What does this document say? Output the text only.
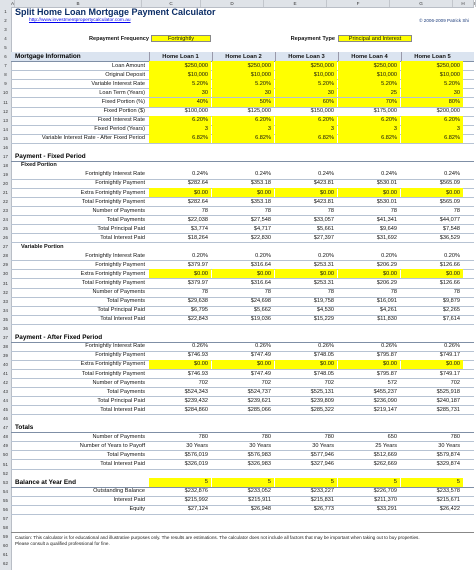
A	B	C	D	E	F	G	H	I
1
2
3
4
5
6
7
8
9
10
11
12
13
14
15
16
17
18
19
20
21
22
23
24
25
26
27
28
29
30
31
32
33
34
35
36
37
38
39
40
41
42
43
44
45
46
47
48
49
50
51
52
53
54
55
56
57
58
59
60
61
62
Split Home Loan Mortgage Payment Calculator
http://www.investmentpropertycalculator.com.au	© 2006-2009 Patrick Shi
Repayment Frequency	Fortnightly	Repayment Type	Principal and Interest
Mortgage Information	Home Loan 1	Home Loan 2	Home Loan 3	Home Loan 4	Home Loan 5
Loan Amount	$250,000	$250,000	$250,000	$250,000	$250,000
Original Deposit	$10,000	$10,000	$10,000	$10,000	$10,000
Variable Interest Rate	5.20%	5.20%	5.20%	5.20%	5.20%
Loan Term (Years)	30	30	30	25	30
Fixed Portion (%)	40%	50%	60%	70%	80%
Fixed Portion ($)	$100,000	$125,000	$150,000	$175,000	$200,000
Fixed Interest Rate	6.20%	6.20%	6.20%	6.20%	6.20%
Fixed Period (Years)	3	3	3	3	3
Variable Interest Rate - After Fixed Period	6.82%	6.82%	6.82%	6.82%	6.82%
Payment - Fixed Period
Fixed Portion
Fortnightly Interest Rate	0.24%	0.24%	0.24%	0.24%	0.24%
Fortnightly Payment	$282.64	$353.18	$423.81	$530.01	$565.09
Extra Fortnightly Payment	$0.00	$0.00	$0.00	$0.00	$0.00
Total Fortnightly Payment	$282.64	$353.18	$423.81	$530.01	$565.09
Number of Payments	78	78	78	78	78
Total Payments	$22,038	$27,548	$33,057	$41,341	$44,077
Total Principal Paid	$3,774	$4,717	$5,661	$9,649	$7,548
Total Interest Paid	$18,264	$22,830	$27,397	$31,692	$36,529
Variable Portion
Fortnightly Interest Rate	0.20%	0.20%	0.20%	0.20%	0.20%
Fortnightly Payment	$379.97	$316.64	$253.31	$206.29	$126.66
Extra Fortnightly Payment	$0.00	$0.00	$0.00	$0.00	$0.00
Total Fortnightly Payment	$379.97	$316.64	$253.31	$206.29	$126.66
Number of Payments	78	78	78	78	78
Total Payments	$29,638	$24,698	$19,758	$16,091	$9,879
Total Principal Paid	$6,795	$5,662	$4,530	$4,261	$2,265
Total Interest Paid	$22,843	$19,036	$15,229	$11,830	$7,614
Payment - After Fixed Period
Fortnightly Interest Rate	0.26%	0.26%	0.26%	0.26%	0.26%
Fortnightly Payment	$746.93	$747.49	$748.05	$795.87	$749.17
Extra Fortnightly Payment	$0.00	$0.00	$0.00	$0.00	$0.00
Total Fortnightly Payment	$746.93	$747.49	$748.05	$795.87	$749.17
Number of Payments	702	702	702	572	702
Total Payments	$524,343	$524,737	$525,131	$455,237	$525,918
Total Principal Paid	$239,432	$239,621	$239,809	$236,090	$240,187
Total Interest Paid	$284,860	$285,066	$285,322	$219,147	$285,731
Totals
Number of Payments	780	780	780	650	780
Number of Years to Payoff	30 Years	30 Years	30 Years	25 Years	30 Years
Total Payments	$576,019	$576,983	$577,946	$512,669	$579,874
Total Interest Paid	$326,019	$326,983	$327,946	$262,669	$329,874
Balance at Year End	5	5	5	5	5
Outstanding Balance	$232,876	$233,052	$233,227	$226,709	$233,578
Interest Paid	$215,992	$215,911	$215,831	$211,370	$215,671
Equity	$27,124	$26,948	$26,773	$33,291	$26,422
Caution: This calculator is for educational and illustrative purposes only. The results are estimations. The calculator does not include all factors that may be important when taking out to buy properties.
Please consult a qualified professional for fine.
